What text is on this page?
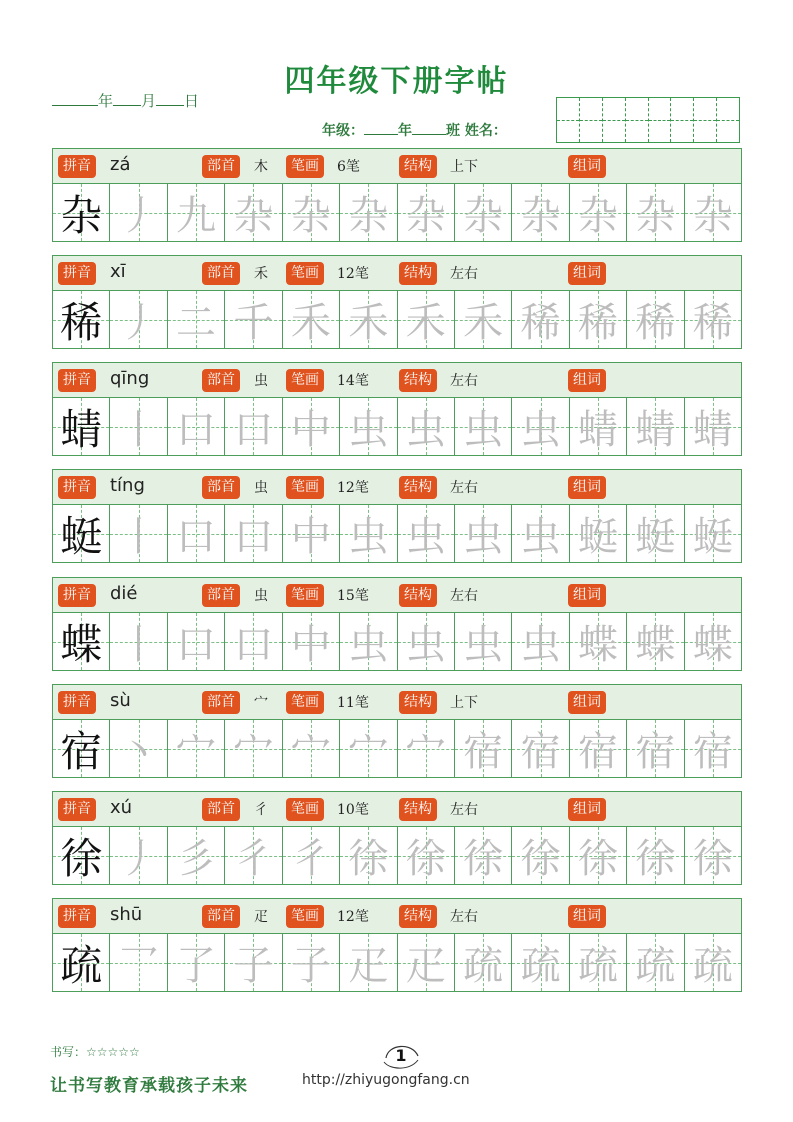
四年级下册字帖
年 月 日
年级： 年 班 姓名：
拼音 zá	部首	木	笔画	6笔	结构	上下	组词
杂 丿 九 杂 杂 杂 杂 杂 杂 杂 杂 杂
拼音 xī	部首	禾	笔画	12笔	结构	左右	组词
稀 丿 二 千 禾 禾 禾 禾 稀 稀 稀 稀
拼音 qīng	部首	虫	笔画	14笔	结构	左右	组词
蜻 丨 口 口 中 虫 虫 虫 虫 蜻 蜻 蜻
拼音 tíng	部首	虫	笔画	12笔	结构	左右	组词
蜓 丨 口 口 中 虫 虫 虫 虫 蜓 蜓 蜓
拼音 dié	部首	虫	笔画	15笔	结构	左右	组词
蝶 丨 口 口 中 虫 虫 虫 虫 蝶 蝶 蝶
拼音 sù	部首	宀	笔画	11笔	结构	上下	组词
宿 丶 宀 宀 宀 宀 宀 宿 宿 宿 宿 宿
拼音 xú	部首	彳	笔画	10笔	结构	左右	组词
徐 丿 彡 彳 彳 徐 徐 徐 徐 徐 徐 徐
拼音 shū	部首	疋	笔画	12笔	结构	左右	组词
疏 乛 了 子 子 疋 疋 疏 疏 疏 疏 疏
书写：☆☆☆☆☆	1
让书写教育承载孩子未来	http://zhiyugongfang.cn
